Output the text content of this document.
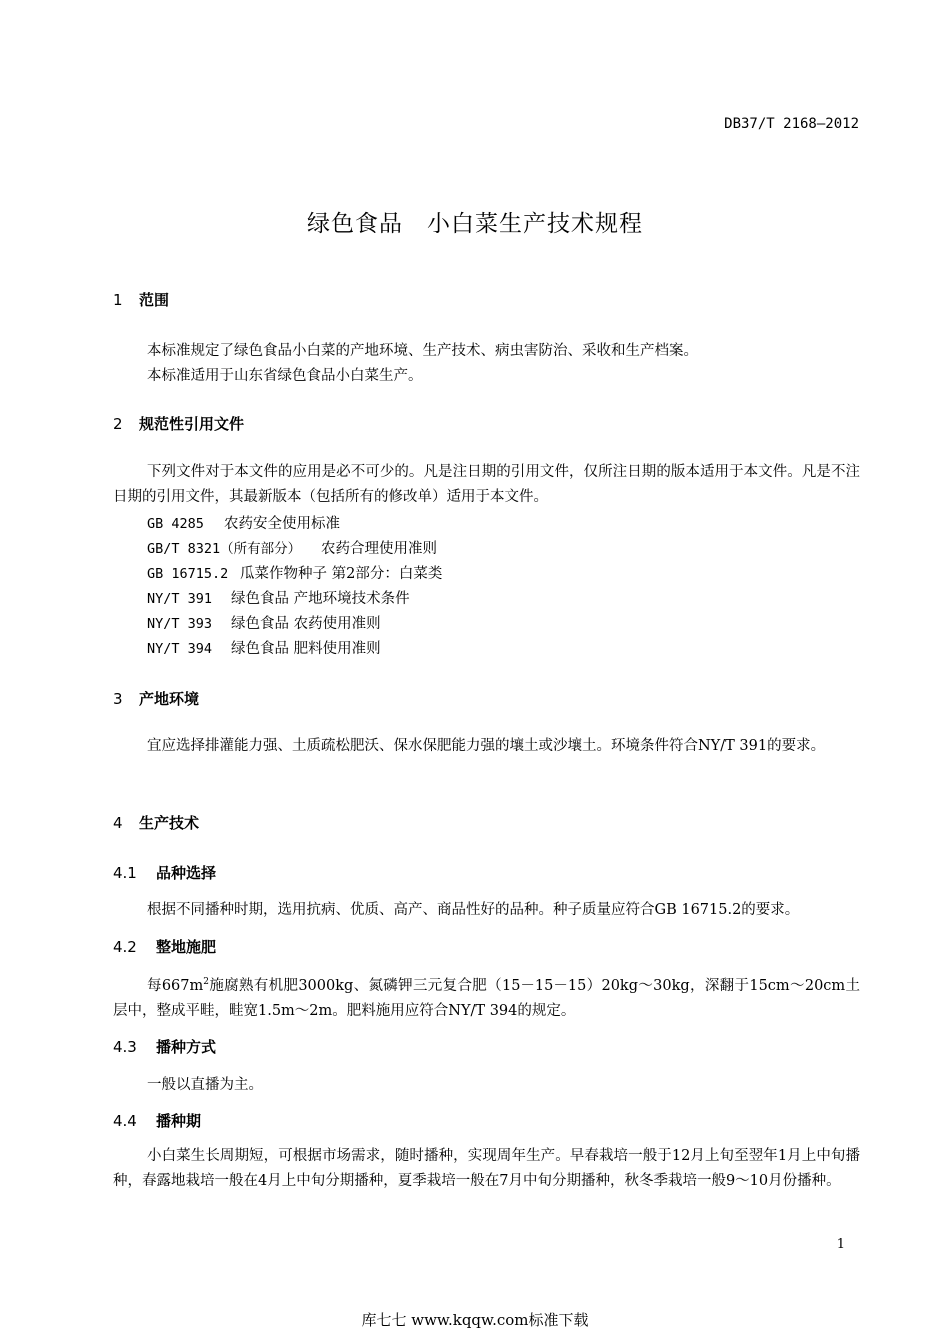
DB37/T 2168—2012
绿色食品　小白菜生产技术规程
1 范围
本标准规定了绿色食品小白菜的产地环境、生产技术、病虫害防治、采收和生产档案。
本标准适用于山东省绿色食品小白菜生产。
2 规范性引用文件
下列文件对于本文件的应用是必不可少的。凡是注日期的引用文件，仅所注日期的版本适用于本文件。凡是不注日期的引用文件，其最新版本（包括所有的修改单）适用于本文件。
GB 4285 农药安全使用标准
GB/T 8321（所有部分） 农药合理使用准则
GB 16715.2 瓜菜作物种子 第2部分：白菜类
NY/T 391 绿色食品 产地环境技术条件
NY/T 393 绿色食品 农药使用准则
NY/T 394 绿色食品 肥料使用准则
3 产地环境
宜应选择排灌能力强、土质疏松肥沃、保水保肥能力强的壤土或沙壤土。环境条件符合NY/T 391的要求。
4 生产技术
4.1 品种选择
根据不同播种时期，选用抗病、优质、高产、商品性好的品种。种子质量应符合GB 16715.2的要求。
4.2 整地施肥
每$667m^2$施腐熟有机肥3000kg、氮磷钾三元复合肥（15－15－15）20kg～30kg，深翻于15cm～20cm土层中，整成平畦，畦宽1.5m～2m。肥料施用应符合NY/T 394的规定。
4.3 播种方式
一般以直播为主。
4.4 播种期
小白菜生长周期短，可根据市场需求，随时播种，实现周年生产。早春栽培一般于12月上旬至翌年1月上中旬播种，春露地栽培一般在4月上中旬分期播种，夏季栽培一般在7月中旬分期播种，秋冬季栽培一般9～10月份播种。
1
库七七 www.kqqw.com标准下载
